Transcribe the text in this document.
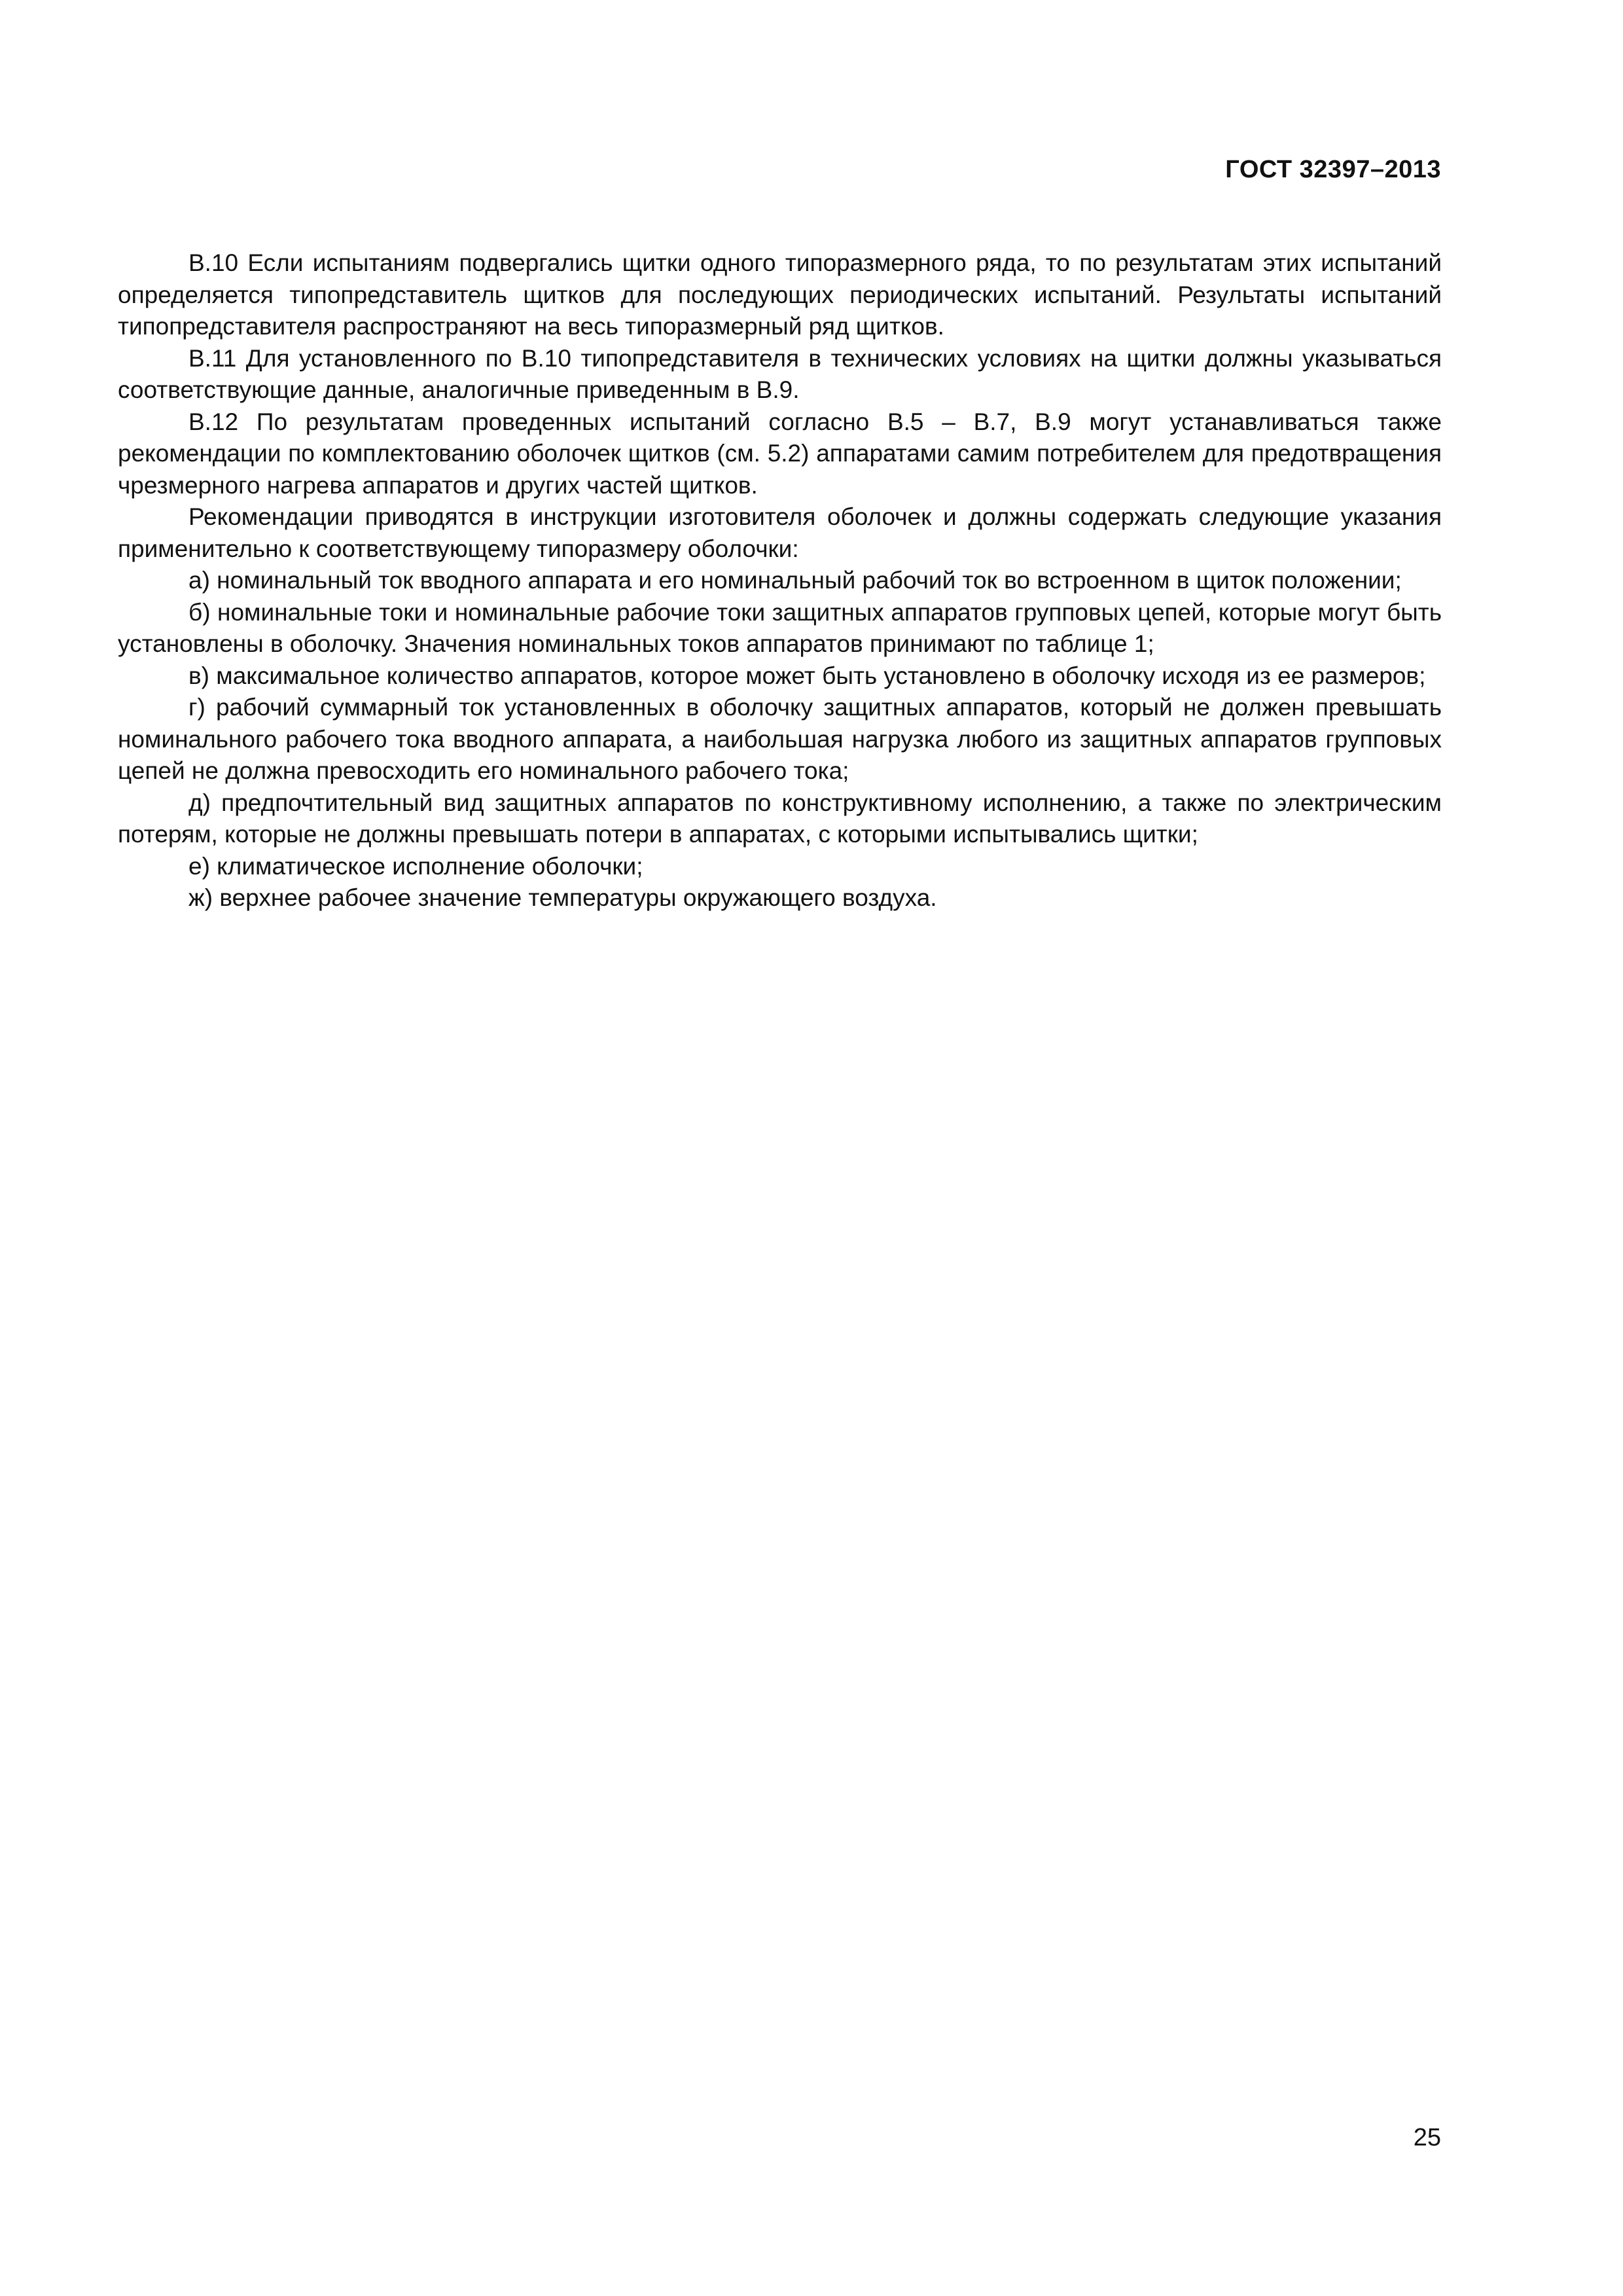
ГОСТ 32397–2013

В.10 Если испытаниям подвергались щитки одного типоразмерного ряда, то по результатам этих испытаний определяется типопредставитель щитков для последующих периодических испытаний. Результаты испытаний типопредставителя распространяют на весь типоразмерный ряд щитков.

В.11 Для установленного по В.10 типопредставителя в технических условиях на щитки должны указываться соответствующие данные, аналогичные приведенным в В.9.

В.12 По результатам проведенных испытаний согласно В.5 – В.7, В.9 могут устанавливаться также рекомендации по комплектованию оболочек щитков (см. 5.2) аппаратами самим потребителем для предотвращения чрезмерного нагрева аппаратов и других частей щитков.

Рекомендации приводятся в инструкции изготовителя оболочек и должны содержать следующие указания применительно к соответствующему типоразмеру оболочки:

а) номинальный ток вводного аппарата и его номинальный рабочий ток во встроенном в щиток положении;

б) номинальные токи и номинальные рабочие токи защитных аппаратов групповых цепей, которые могут быть установлены в оболочку. Значения номинальных токов аппаратов принимают по таблице 1;

в) максимальное количество аппаратов, которое может быть установлено в оболочку исходя из ее размеров;

г) рабочий суммарный ток установленных в оболочку защитных аппаратов, который не должен превышать номинального рабочего тока вводного аппарата, а наибольшая нагрузка любого из защитных аппаратов групповых цепей не должна превосходить его номинального рабочего тока;

д) предпочтительный вид защитных аппаратов по конструктивному исполнению, а также по электрическим потерям, которые не должны превышать потери в аппаратах, с которыми испытывались щитки;

е) климатическое исполнение оболочки;

ж) верхнее рабочее значение температуры окружающего воздуха.

25
